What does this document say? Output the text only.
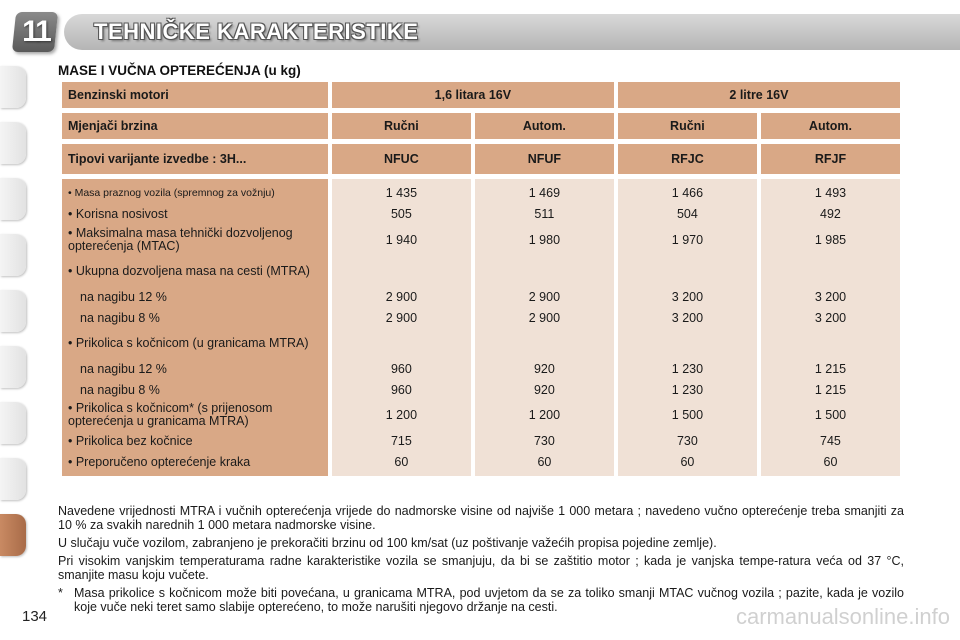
11 TEHNIČKE KARAKTERISTIKE
MASE I VUČNA OPTEREĆENJA (u kg)
Benzinski motori	1,6 litara 16V		2 litre 16V	

Mjenjači brzina	Ručni	Autom.	Ručni	Autom.

Tipovi varijante izvedbe : 3H...	NFUC	NFUF	RFJC	RFJF

• Masa praznog vozila (spremnog za vožnju)	1 435	1 469	1 466	1 493
• Korisna nosivost	505	511	504	492
• Maksimalna masa tehnički dozvoljenog opterećenja (MTAC)	1 940	1 980	1 970	1 985
• Ukupna dozvoljena masa na cesti (MTRA)				
na nagibu 12 %	2 900	2 900	3 200	3 200
na nagibu 8 %	2 900	2 900	3 200	3 200
• Prikolica s kočnicom (u granicama MTRA)				
na nagibu 12 %	960	920	1 230	1 215
na nagibu 8 %	960	920	1 230	1 215
• Prikolica s kočnicom* (s prijenosom opterećenja u granicama MTRA)	1 200	1 200	1 500	1 500
• Prikolica bez kočnice	715	730	730	745
• Preporučeno opterećenje kraka	60	60	60	60

Navedene vrijednosti MTRA i vučnih opterećenja vrijede do nadmorske visine od najviše 1 000 metara ; navedeno vučno opterećenje treba smanjiti za 10 % za svakih narednih 1 000 metara nadmorske visine.

U slučaju vuče vozilom, zabranjeno je prekoračiti brzinu od 100 km/sat (uz poštivanje važećih propisa pojedine zemlje).

Pri visokim vanjskim temperaturama radne karakteristike vozila se smanjuju, da bi se zaštitio motor ; kada je vanjska tempe-ratura veća od 37 °C, smanjite masu koju vučete.

* Masa prikolice s kočnicom može biti povećana, u granicama MTRA, pod uvjetom da se za toliko smanji MTAC vučnog vozila ; pazite, kada je vozilo koje vuče neki teret samo slabije opterećeno, to može narušiti njegovo držanje na cesti.
134	carmanualsonline.info
